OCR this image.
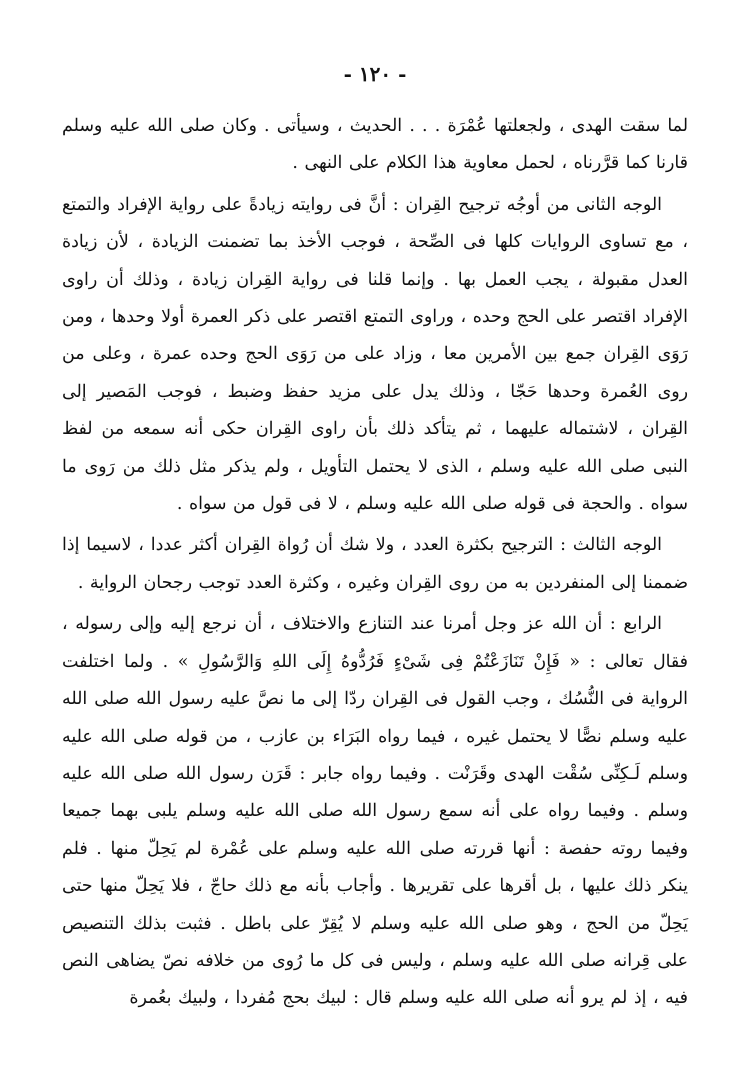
- ١٢٠ -

لما سقت الهدى ، ولجعلتها عُمْرَة . . . الحديث ، وسيأتى . وكان صلى الله عليه وسلم قارنا كما قرَّرناه ، لحمل معاوية هذا الكلام على النهى .

الوجه الثانى من أوجُه ترجيح القِران : أنَّ فى روايته زيادةً على رواية الإفراد والتمتع ، مع تساوى الروايات كلها فى الصِّحة ، فوجب الأخذ بما تضمنت الزيادة ، لأن زيادة العدل مقبولة ، يجب العمل بها . وإنما قلنا فى رواية القِران زيادة ، وذلك أن راوى الإفراد اقتصر على الحج وحده ، وراوى التمتع اقتصر على ذكر العمرة أولا وحدها ، ومن رَوَى القِران جمع بين الأمرين معا ، وزاد على من رَوَى الحج وحده عمرة ، وعلى من روى العُمرة وحدها حَجّا ، وذلك يدل على مزيد حفظ وضبط ، فوجب المَصير إلى القِران ، لاشتماله عليهما ، ثم يتأكد ذلك بأن راوى القِران حكى أنه سمعه من لفظ النبى صلى الله عليه وسلم ، الذى لا يحتمل التأويل ، ولم يذكر مثل ذلك من رَوى ما سواه . والحجة فى قوله صلى الله عليه وسلم ، لا فى قول من سواه .

الوجه الثالث : الترجيح بكثرة العدد ، ولا شك أن رُواة القِران أكثر عددا ، لاسيما إذا ضممنا إلى المنفردين به من روى القِران وغيره ، وكثرة العدد توجب رجحان الرواية .

الرابع : أن الله عز وجل أمرنا عند التنازع والاختلاف ، أن نرجع إليه وإلى رسوله ، فقال تعالى : « فَإِنْ تَنَازَعْتُمْ فِى شَىْءٍ فَرُدُّوهُ إِلَى اللهِ وَالرَّسُولِ » . ولما اختلفت الرواية فى النُّسُك ، وجب القول فى القِران ردّا إلى ما نصَّ عليه رسول الله صلى الله عليه وسلم نصًّا لا يحتمل غيره ، فيما رواه البَرَاء بن عازب ، من قوله صلى الله عليه وسلم لَـكِنِّى سُقْت الهدى وقَرَنْت . وفيما رواه جابر : قَرَن رسول الله صلى الله عليه وسلم . وفيما رواه على أنه سمع رسول الله صلى الله عليه وسلم يلبى بهما جميعا وفيما روته حفصة : أنها قررته صلى الله عليه وسلم على عُمْرة لم يَحِلّ منها . فلم ينكر ذلك عليها ، بل أقرها على تقريرها . وأجاب بأنه مع ذلك حاجّ ، فلا يَحِلّ منها حتى يَحِلّ من الحج ، وهو صلى الله عليه وسلم لا يُقِرّ على باطل . فثبت بذلك التنصيص على قِرانه صلى الله عليه وسلم ، وليس فى كل ما رُوى من خلافه نصّ يضاهى النص فيه ، إذ لم يرو أنه صلى الله عليه وسلم قال : لبيك بحج مُفردا ، ولبيك بعُمرة
